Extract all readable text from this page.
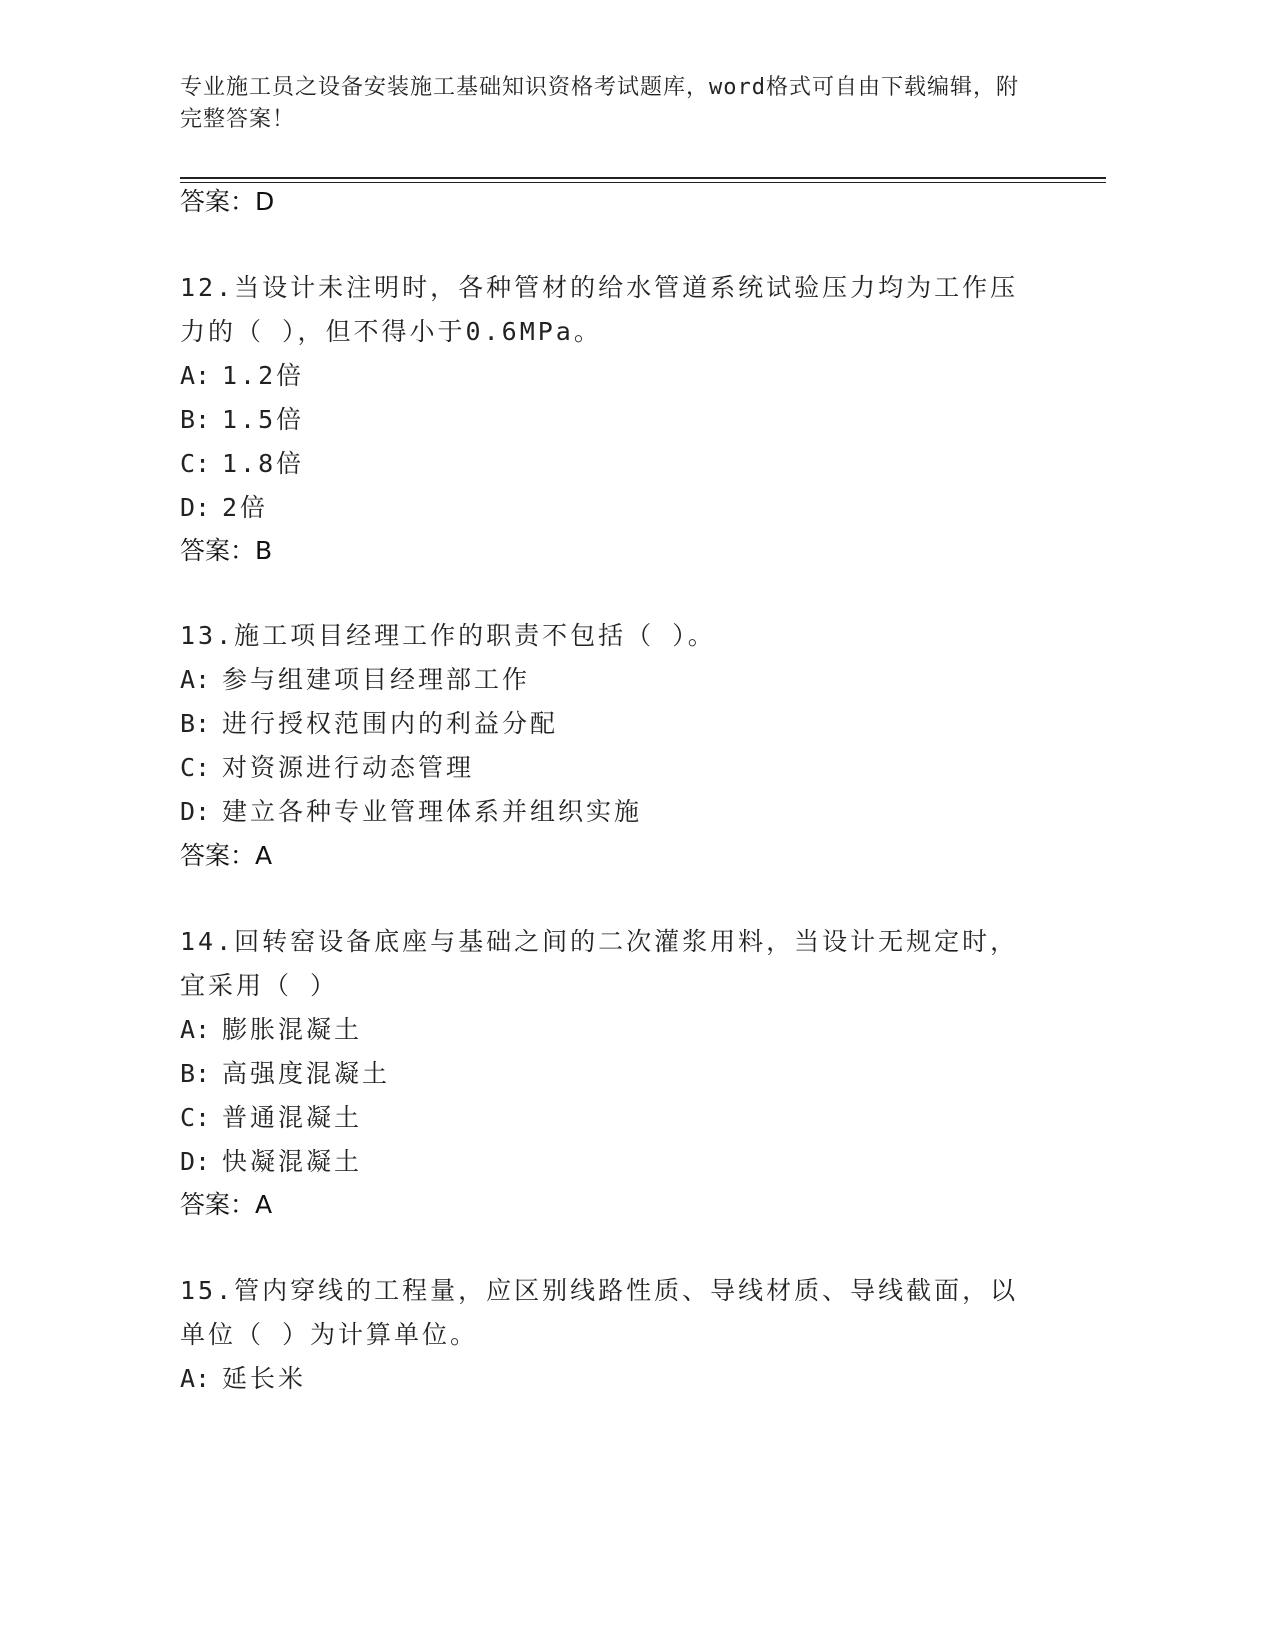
专业施工员之设备安装施工基础知识资格考试题库，word格式可自由下载编辑，附完整答案！
答案：D

12.当设计未注明时，各种管材的给水管道系统试验压力均为工作压力的（ ），但不得小于0.6MPa。

A: 1.2倍

B: 1.5倍

C: 1.8倍

D: 2倍

答案：B

13.施工项目经理工作的职责不包括（ ）。

A: 参与组建项目经理部工作

B: 进行授权范围内的利益分配

C: 对资源进行动态管理

D: 建立各种专业管理体系并组织实施

答案：A

14.回转窑设备底座与基础之间的二次灌浆用料，当设计无规定时，宜采用（ ）

A: 膨胀混凝土

B: 高强度混凝土

C: 普通混凝土

D: 快凝混凝土

答案：A

15.管内穿线的工程量，应区别线路性质、导线材质、导线截面，以单位（ ）为计算单位。

A: 延长米
